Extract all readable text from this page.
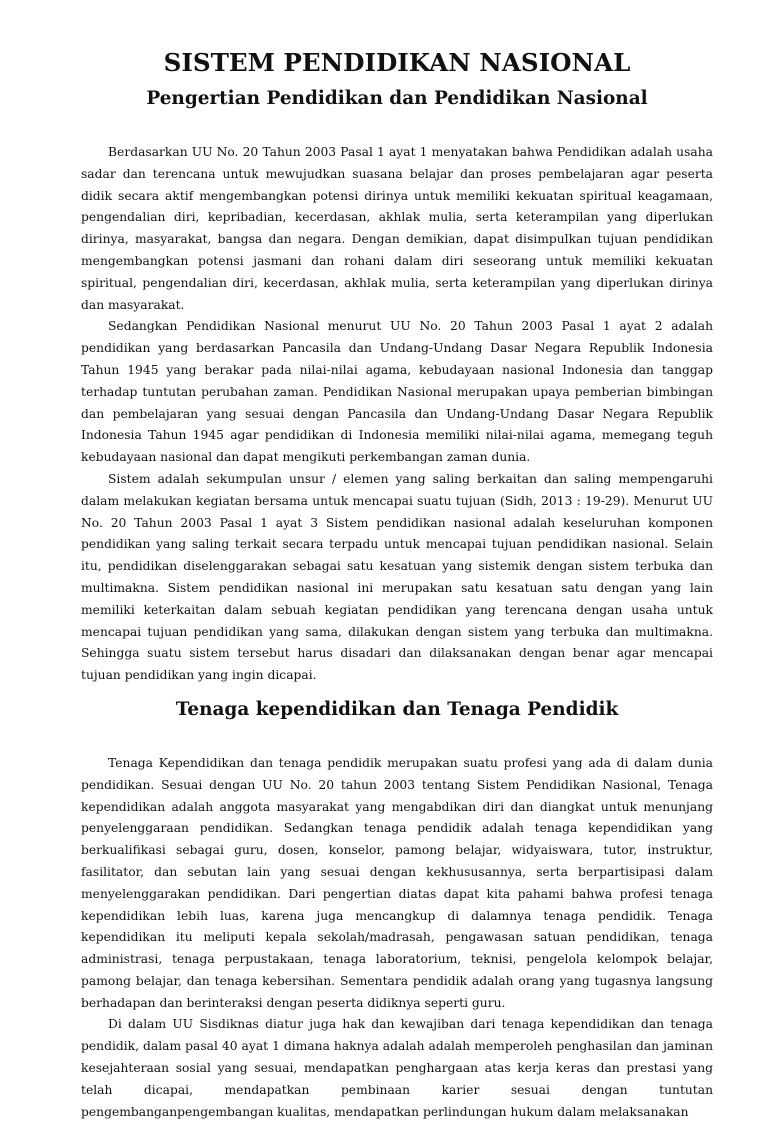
SISTEM PENDIDIKAN NASIONAL
Pengertian Pendidikan dan Pendidikan Nasional

Berdasarkan UU No. 20 Tahun 2003 Pasal 1 ayat 1 menyatakan bahwa Pendidikan adalah usaha sadar dan terencana untuk mewujudkan suasana belajar dan proses pembelajaran agar peserta didik secara aktif mengembangkan potensi dirinya untuk memiliki kekuatan spiritual keagamaan, pengendalian diri, kepribadian, kecerdasan, akhlak mulia, serta keterampilan yang diperlukan dirinya, masyarakat, bangsa dan negara. Dengan demikian, dapat disimpulkan tujuan pendidikan mengembangkan potensi jasmani dan rohani dalam diri seseorang untuk memiliki kekuatan spiritual, pengendalian diri, kecerdasan, akhlak mulia, serta keterampilan yang diperlukan dirinya dan masyarakat.

Sedangkan Pendidikan Nasional menurut UU No. 20 Tahun 2003 Pasal 1 ayat 2 adalah pendidikan yang berdasarkan Pancasila dan Undang-Undang Dasar Negara Republik Indonesia Tahun 1945 yang berakar pada nilai-nilai agama, kebudayaan nasional Indonesia dan tanggap terhadap tuntutan perubahan zaman. Pendidikan Nasional merupakan upaya pemberian bimbingan dan pembelajaran yang sesuai dengan Pancasila dan Undang-Undang Dasar Negara Republik Indonesia Tahun 1945 agar pendidikan di Indonesia memiliki nilai-nilai agama, memegang teguh kebudayaan nasional dan dapat mengikuti perkembangan zaman dunia.

Sistem adalah sekumpulan unsur / elemen yang saling berkaitan dan saling mempengaruhi dalam melakukan kegiatan bersama untuk mencapai suatu tujuan (Sidh, 2013 : 19-29). Menurut UU No. 20 Tahun 2003 Pasal 1 ayat 3 Sistem pendidikan nasional adalah keseluruhan komponen pendidikan yang saling terkait secara terpadu untuk mencapai tujuan pendidikan nasional. Selain itu, pendidikan diselenggarakan sebagai satu kesatuan yang sistemik dengan sistem terbuka dan multimakna. Sistem pendidikan nasional ini merupakan satu kesatuan satu dengan yang lain memiliki keterkaitan dalam sebuah kegiatan pendidikan yang terencana dengan usaha untuk mencapai tujuan pendidikan yang sama, dilakukan dengan sistem yang terbuka dan multimakna. Sehingga suatu sistem tersebut harus disadari dan dilaksanakan dengan benar agar mencapai tujuan pendidikan yang ingin dicapai.

Tenaga kependidikan dan Tenaga Pendidik

Tenaga Kependidikan dan tenaga pendidik merupakan suatu profesi yang ada di dalam dunia pendidikan. Sesuai dengan UU No. 20 tahun 2003 tentang Sistem Pendidikan Nasional, Tenaga kependidikan adalah anggota masyarakat yang mengabdikan diri dan diangkat untuk menunjang penyelenggaraan pendidikan. Sedangkan tenaga pendidik adalah tenaga kependidikan yang berkualifikasi sebagai guru, dosen, konselor, pamong belajar, widyaiswara, tutor, instruktur, fasilitator, dan sebutan lain yang sesuai dengan kekhususannya, serta berpartisipasi dalam menyelenggarakan pendidikan. Dari pengertian diatas dapat kita pahami bahwa profesi tenaga kependidikan lebih luas, karena juga mencangkup di dalamnya tenaga pendidik. Tenaga kependidikan itu meliputi kepala sekolah/madrasah, pengawasan satuan pendidikan, tenaga administrasi, tenaga perpustakaan, tenaga laboratorium, teknisi, pengelola kelompok belajar, pamong belajar, dan tenaga kebersihan. Sementara pendidik adalah orang yang tugasnya langsung berhadapan dan berinteraksi dengan peserta didiknya seperti guru.

Di dalam UU Sisdiknas diatur juga hak dan kewajiban dari tenaga kependidikan dan tenaga pendidik, dalam pasal 40 ayat 1 dimana haknya adalah adalah memperoleh penghasilan dan jaminan kesejahteraan sosial yang sesuai, mendapatkan penghargaan atas kerja keras dan prestasi yang telah dicapai, mendapatkan pembinaan karier sesuai dengan tuntutan pengembanganpengembangan kualitas, mendapatkan perlindungan hukum dalam melaksanakan
